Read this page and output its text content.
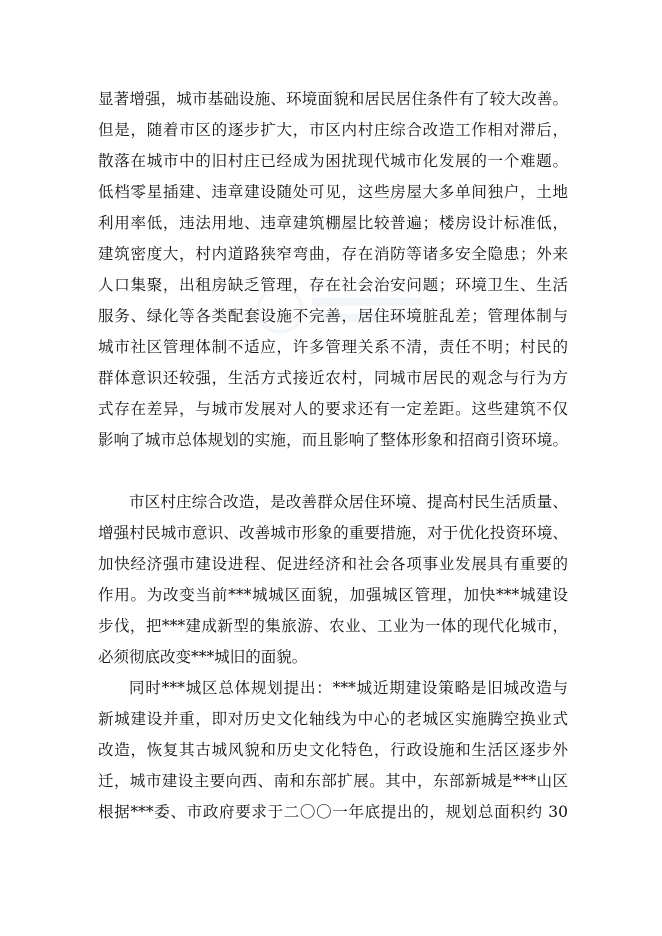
显著增强，城市基础设施、环境面貌和居民居住条件有了较大改善。
但是，随着市区的逐步扩大，市区内村庄综合改造工作相对滞后，
散落在城市中的旧村庄已经成为困扰现代城市化发展的一个难题。
低档零星插建、违章建设随处可见，这些房屋大多单间独户，土地
利用率低，违法用地、违章建筑棚屋比较普遍；楼房设计标准低，
建筑密度大，村内道路狭窄弯曲，存在消防等诸多安全隐患；外来
人口集聚，出租房缺乏管理，存在社会治安问题；环境卫生、生活
服务、绿化等各类配套设施不完善，居住环境脏乱差；管理体制与
城市社区管理体制不适应，许多管理关系不清，责任不明；村民的
群体意识还较强，生活方式接近农村，同城市居民的观念与行为方
式存在差异，与城市发展对人的要求还有一定差距。这些建筑不仅
影响了城市总体规划的实施，而且影响了整体形象和招商引资环境。
市区村庄综合改造，是改善群众居住环境、提高村民生活质量、
增强村民城市意识、改善城市形象的重要措施，对于优化投资环境、
加快经济强市建设进程、促进经济和社会各项事业发展具有重要的
作用。为改变当前***城城区面貌，加强城区管理，加快***城建设
步伐，把***建成新型的集旅游、农业、工业为一体的现代化城市，
必须彻底改变***城旧的面貌。
同时***城区总体规划提出：***城近期建设策略是旧城改造与
新城建设并重，即对历史文化轴线为中心的老城区实施腾空换业式
改造，恢复其古城风貌和历史文化特色，行政设施和生活区逐步外
迁，城市建设主要向西、南和东部扩展。其中，东部新城是***山区
根据***委、市政府要求于二〇〇一年底提出的，规划总面积约 30
